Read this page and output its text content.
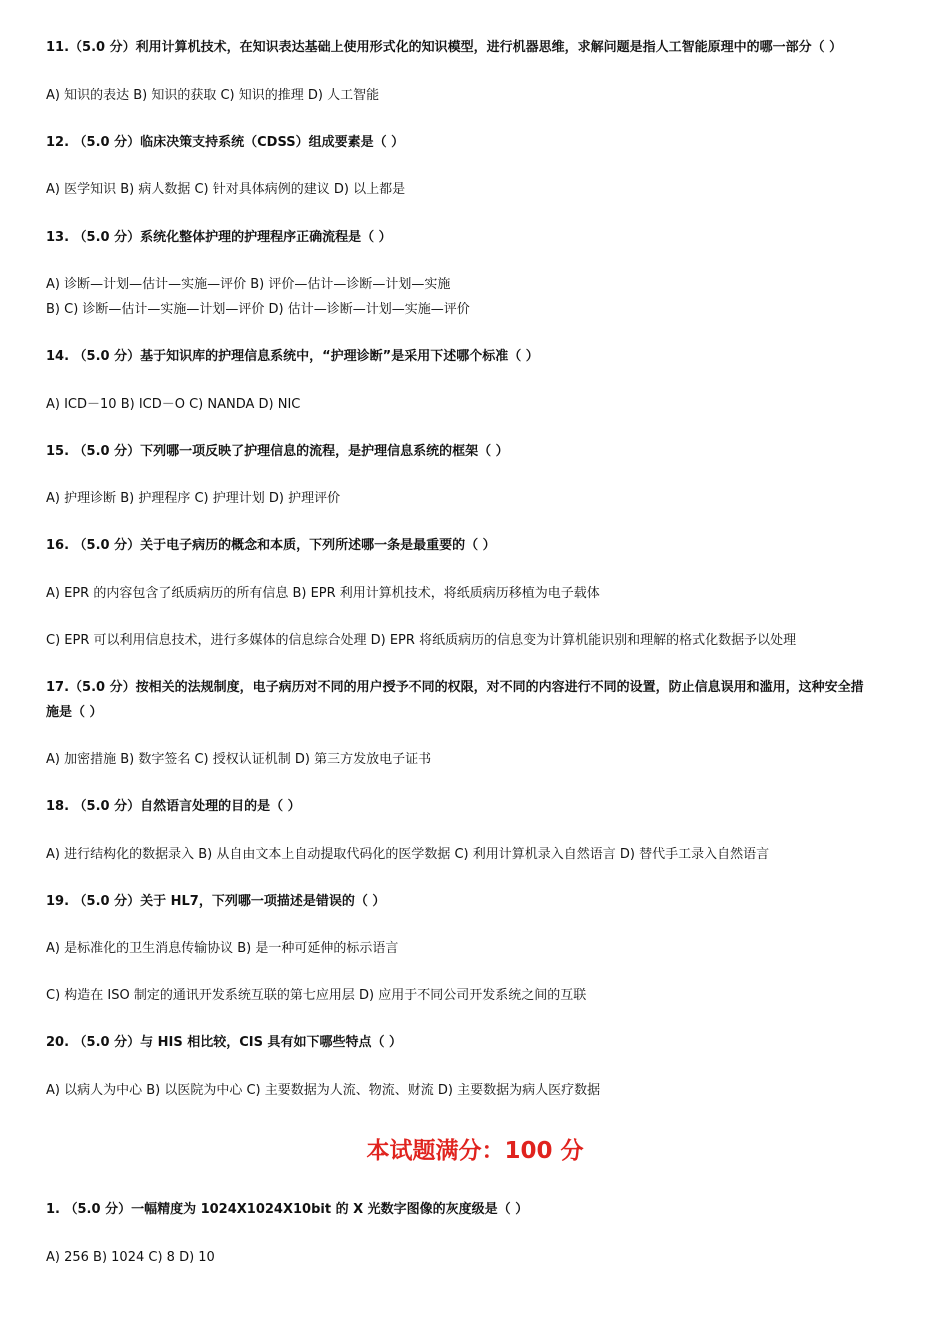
11.（5.0 分）利用计算机技术，在知识表达基础上使用形式化的知识模型，进行机器思维，求解问题是指人工智能原理中的哪一部分（ ）
A) 知识的表达 B) 知识的获取 C) 知识的推理 D) 人工智能
12. （5.0 分）临床决策支持系统（CDSS）组成要素是（ ）
A) 医学知识 B) 病人数据 C) 针对具体病例的建议 D) 以上都是
13. （5.0 分）系统化整体护理的护理程序正确流程是（ ）
A) 诊断—计划—估计—实施—评价 B) 评价—估计—诊断—计划—实施
B) C) 诊断—估计—实施—计划—评价 D) 估计—诊断—计划—实施—评价
14. （5.0 分）基于知识库的护理信息系统中，“护理诊断”是采用下述哪个标准（ ）
A) ICD－10 B) ICD－O C) NANDA D) NIC
15. （5.0 分）下列哪一项反映了护理信息的流程，是护理信息系统的框架（ ）
A) 护理诊断 B) 护理程序 C) 护理计划 D) 护理评价
16. （5.0 分）关于电子病历的概念和本质，下列所述哪一条是最重要的（ ）
A) EPR 的内容包含了纸质病历的所有信息 B) EPR 利用计算机技术，将纸质病历移植为电子载体
C) EPR 可以利用信息技术，进行多媒体的信息综合处理 D) EPR 将纸质病历的信息变为计算机能识别和理解的格式化数据予以处理
17.（5.0 分）按相关的法规制度，电子病历对不同的用户授予不同的权限，对不同的内容进行不同的设置，防止信息误用和滥用，这种安全措
施是（ ）
A) 加密措施 B) 数字签名 C) 授权认证机制 D) 第三方发放电子证书
18. （5.0 分）自然语言处理的目的是（ ）
A) 进行结构化的数据录入 B) 从自由文本上自动提取代码化的医学数据 C) 利用计算机录入自然语言 D) 替代手工录入自然语言
19. （5.0 分）关于 HL7，下列哪一项描述是错误的（ ）
A) 是标准化的卫生消息传输协议 B) 是一种可延伸的标示语言
C) 构造在 ISO 制定的通讯开发系统互联的第七应用层 D) 应用于不同公司开发系统之间的互联
20. （5.0 分）与 HIS 相比较，CIS 具有如下哪些特点（ ）
A) 以病人为中心 B) 以医院为中心 C) 主要数据为人流、物流、财流 D) 主要数据为病人医疗数据
本试题满分：100 分
1. （5.0 分）一幅精度为 1024X1024X10bit 的 X 光数字图像的灰度级是（ ）
A) 256 B) 1024 C) 8 D) 10
